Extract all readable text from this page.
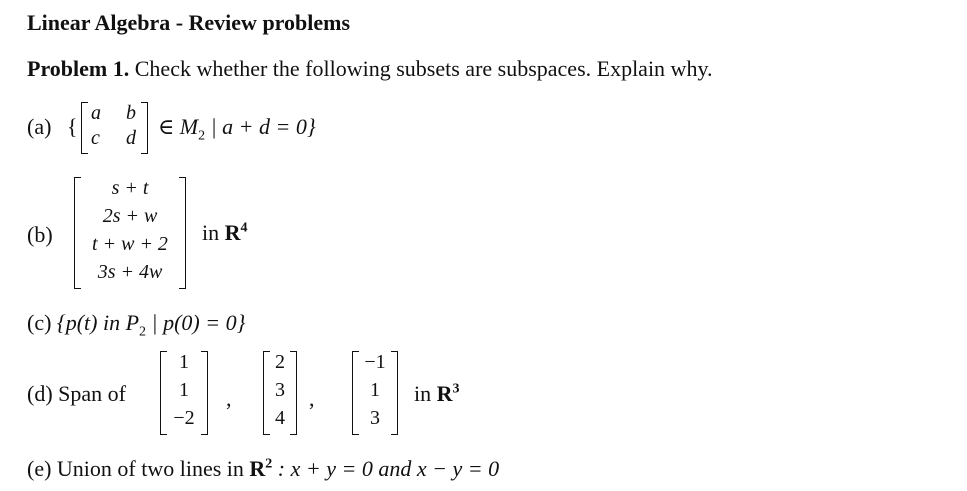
Linear Algebra - Review problems
Problem 1. Check whether the following subsets are subspaces. Explain why.
(a) {
a b
c d ∈ $M_2$ | a + d = 0}
(b)
s + t
2s + w
t + w + 2
3s + 4w
in $R^4$
(c) {p(t) in $P_2$ | p(0) = 0}
(d) Span of
1
1
−2
,
2
3
4
,
−1
1
3
in $R^3$
(e) Union of two lines in $R^2$ : x + y = 0 and x − y = 0
